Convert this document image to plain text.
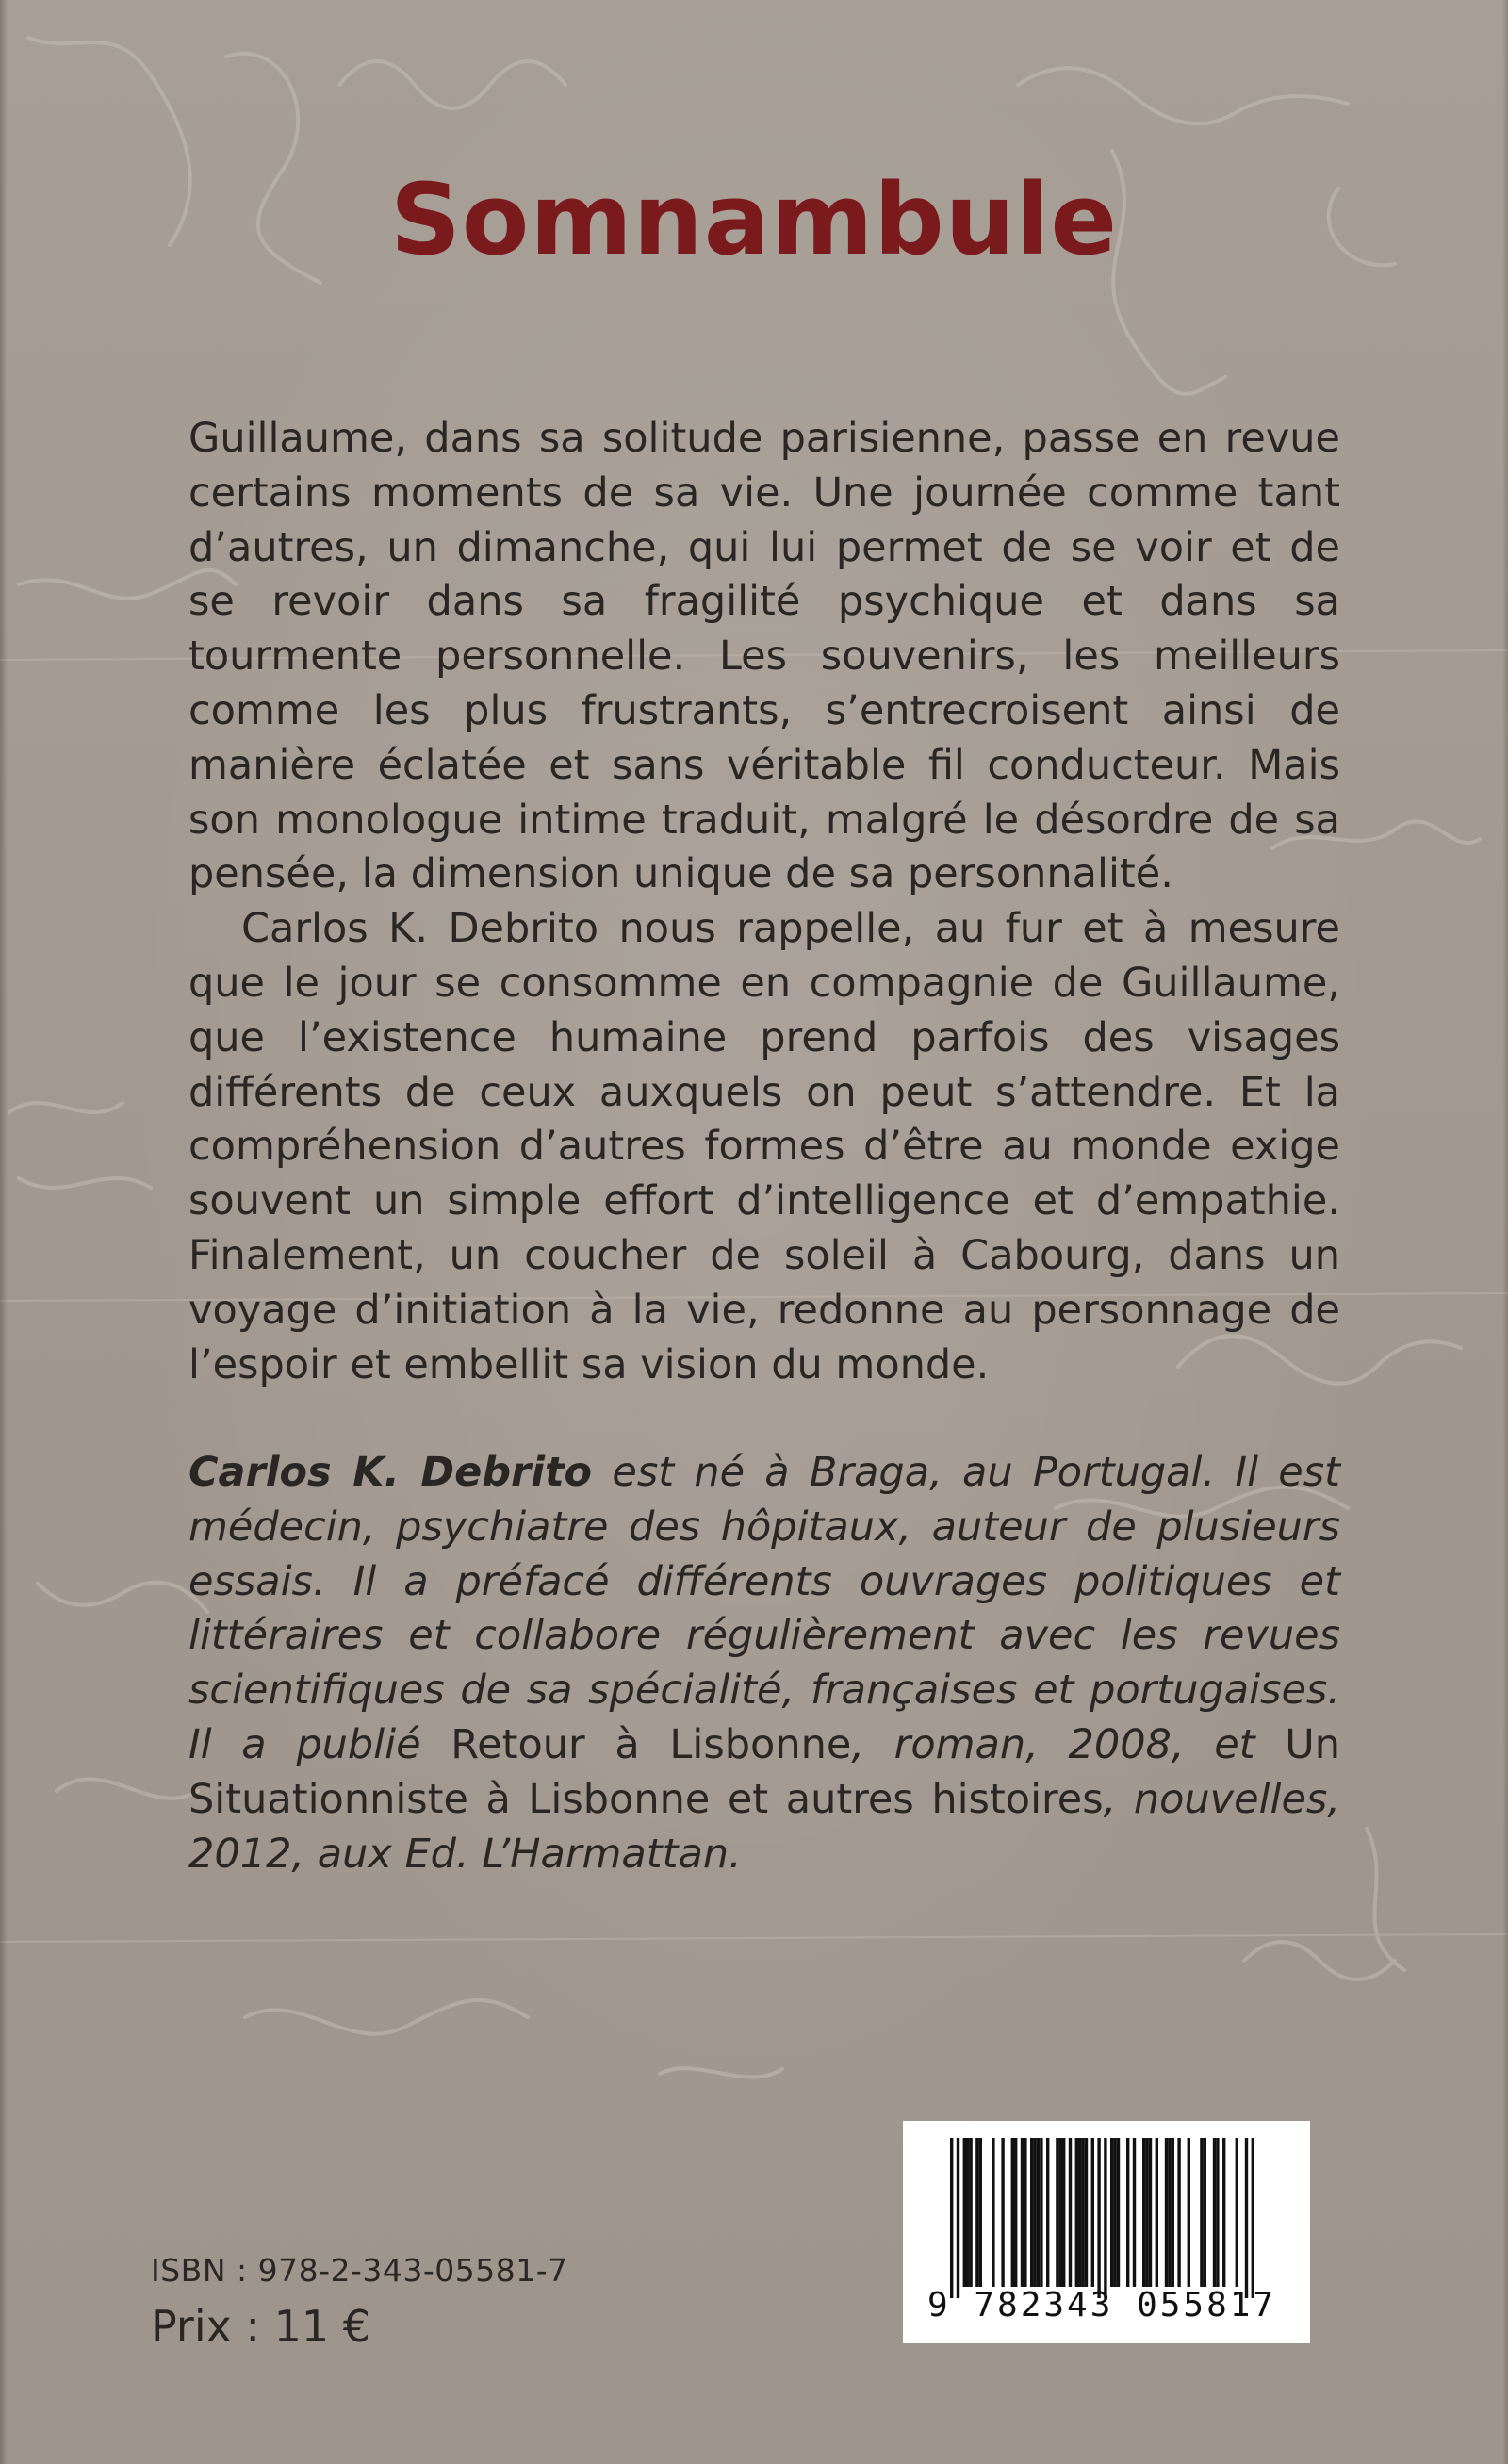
Somnambule

Guillaume, dans sa solitude parisienne, passe en revue certains moments de sa vie. Une journée comme tant d’autres, un dimanche, qui lui permet de se voir et de se revoir dans sa fragilité psychique et dans sa tourmente personnelle. Les souvenirs, les meilleurs comme les plus frustrants, s’entrecroisent ainsi de manière éclatée et sans véritable fil conducteur. Mais son monologue intime traduit, malgré le désordre de sa pensée, la dimension unique de sa personnalité.

Carlos K. Debrito nous rappelle, au fur et à mesure que le jour se consomme en compagnie de Guillaume, que l’existence humaine prend parfois des visages différents de ceux auxquels on peut s’attendre. Et la compréhension d’autres formes d’être au monde exige souvent un simple effort d’intelligence et d’empathie. Finalement, un coucher de soleil à Cabourg, dans un voyage d’initiation à la vie, redonne au personnage de l’espoir et embellit sa vision du monde.

Carlos K. Debrito est né à Braga, au Portugal. Il est médecin, psychiatre des hôpitaux, auteur de plusieurs essais. Il a préfacé différents ouvrages politiques et littéraires et collabore régulièrement avec les revues scientifiques de sa spécialité, françaises et portugaises. Il a publié Retour à Lisbonne, roman, 2008, et Un Situationniste à Lisbonne et autres histoires, nouvelles, 2012, aux Ed. L’Harmattan.

ISBN : 978-2-343-05581-7
Prix : 11 €	9 782343 055817
